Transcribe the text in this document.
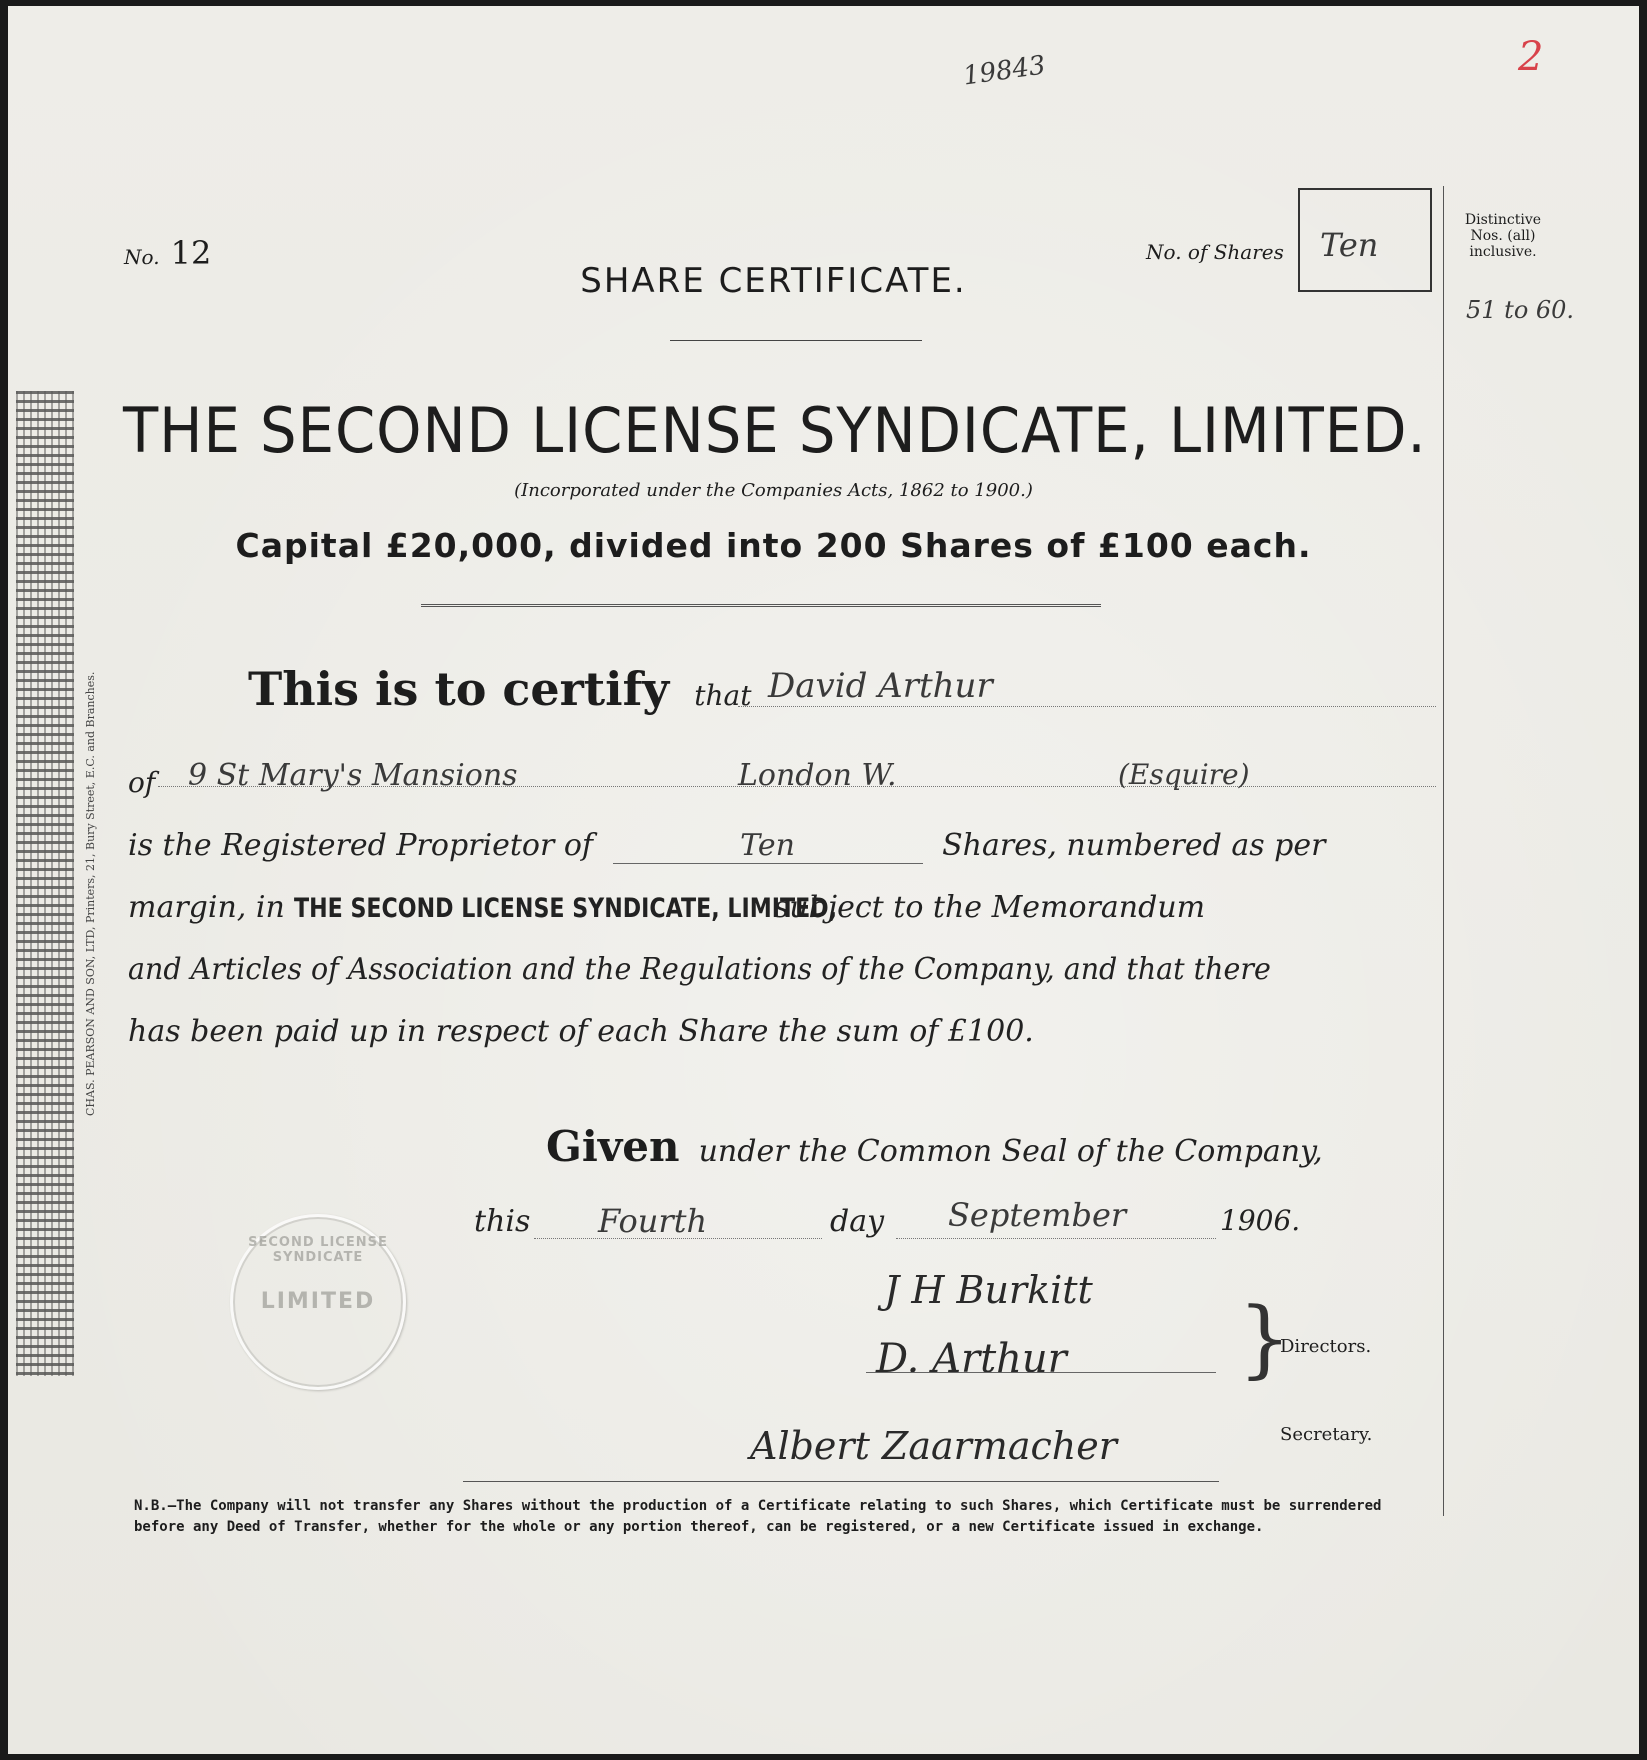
CHAS. PEARSON AND SON, LTD, Printers, 21, Bury Street, E.C. and Branches.
19843	2
No. 12
SHARE CERTIFICATE.
No. of Shares Ten
Distinctive Nos. (all) inclusive.
51 to 60.
THE SECOND LICENSE SYNDICATE, LIMITED.
(Incorporated under the Companies Acts, 1862 to 1900.)
Capital £20,000, divided into 200 Shares of £100 each.
This is to certify that David Arthur
of 9 St Mary's Mansions	London W.	(Esquire)
is the Registered Proprietor of	Ten	Shares, numbered as per
margin, in THE SECOND LICENSE SYNDICATE, LIMITED, subject to the Memorandum
and Articles of Association and the Regulations of the Company, and that there
has been paid up in respect of each Share the sum of £100.
Given under the Common Seal of the Company,
this Fourth	day September	1906.
SECOND LICENSE SYNDICATE
LIMITED	J H Burkitt
D. Arthur }
Directors.
Secretary.
Albert Zaarmacher
N.B.—The Company will not transfer any Shares without the production of a Certificate relating to such Shares, which Certificate must be surrendered before any Deed of Transfer, whether for the whole or any portion thereof, can be registered, or a new Certificate issued in exchange.
